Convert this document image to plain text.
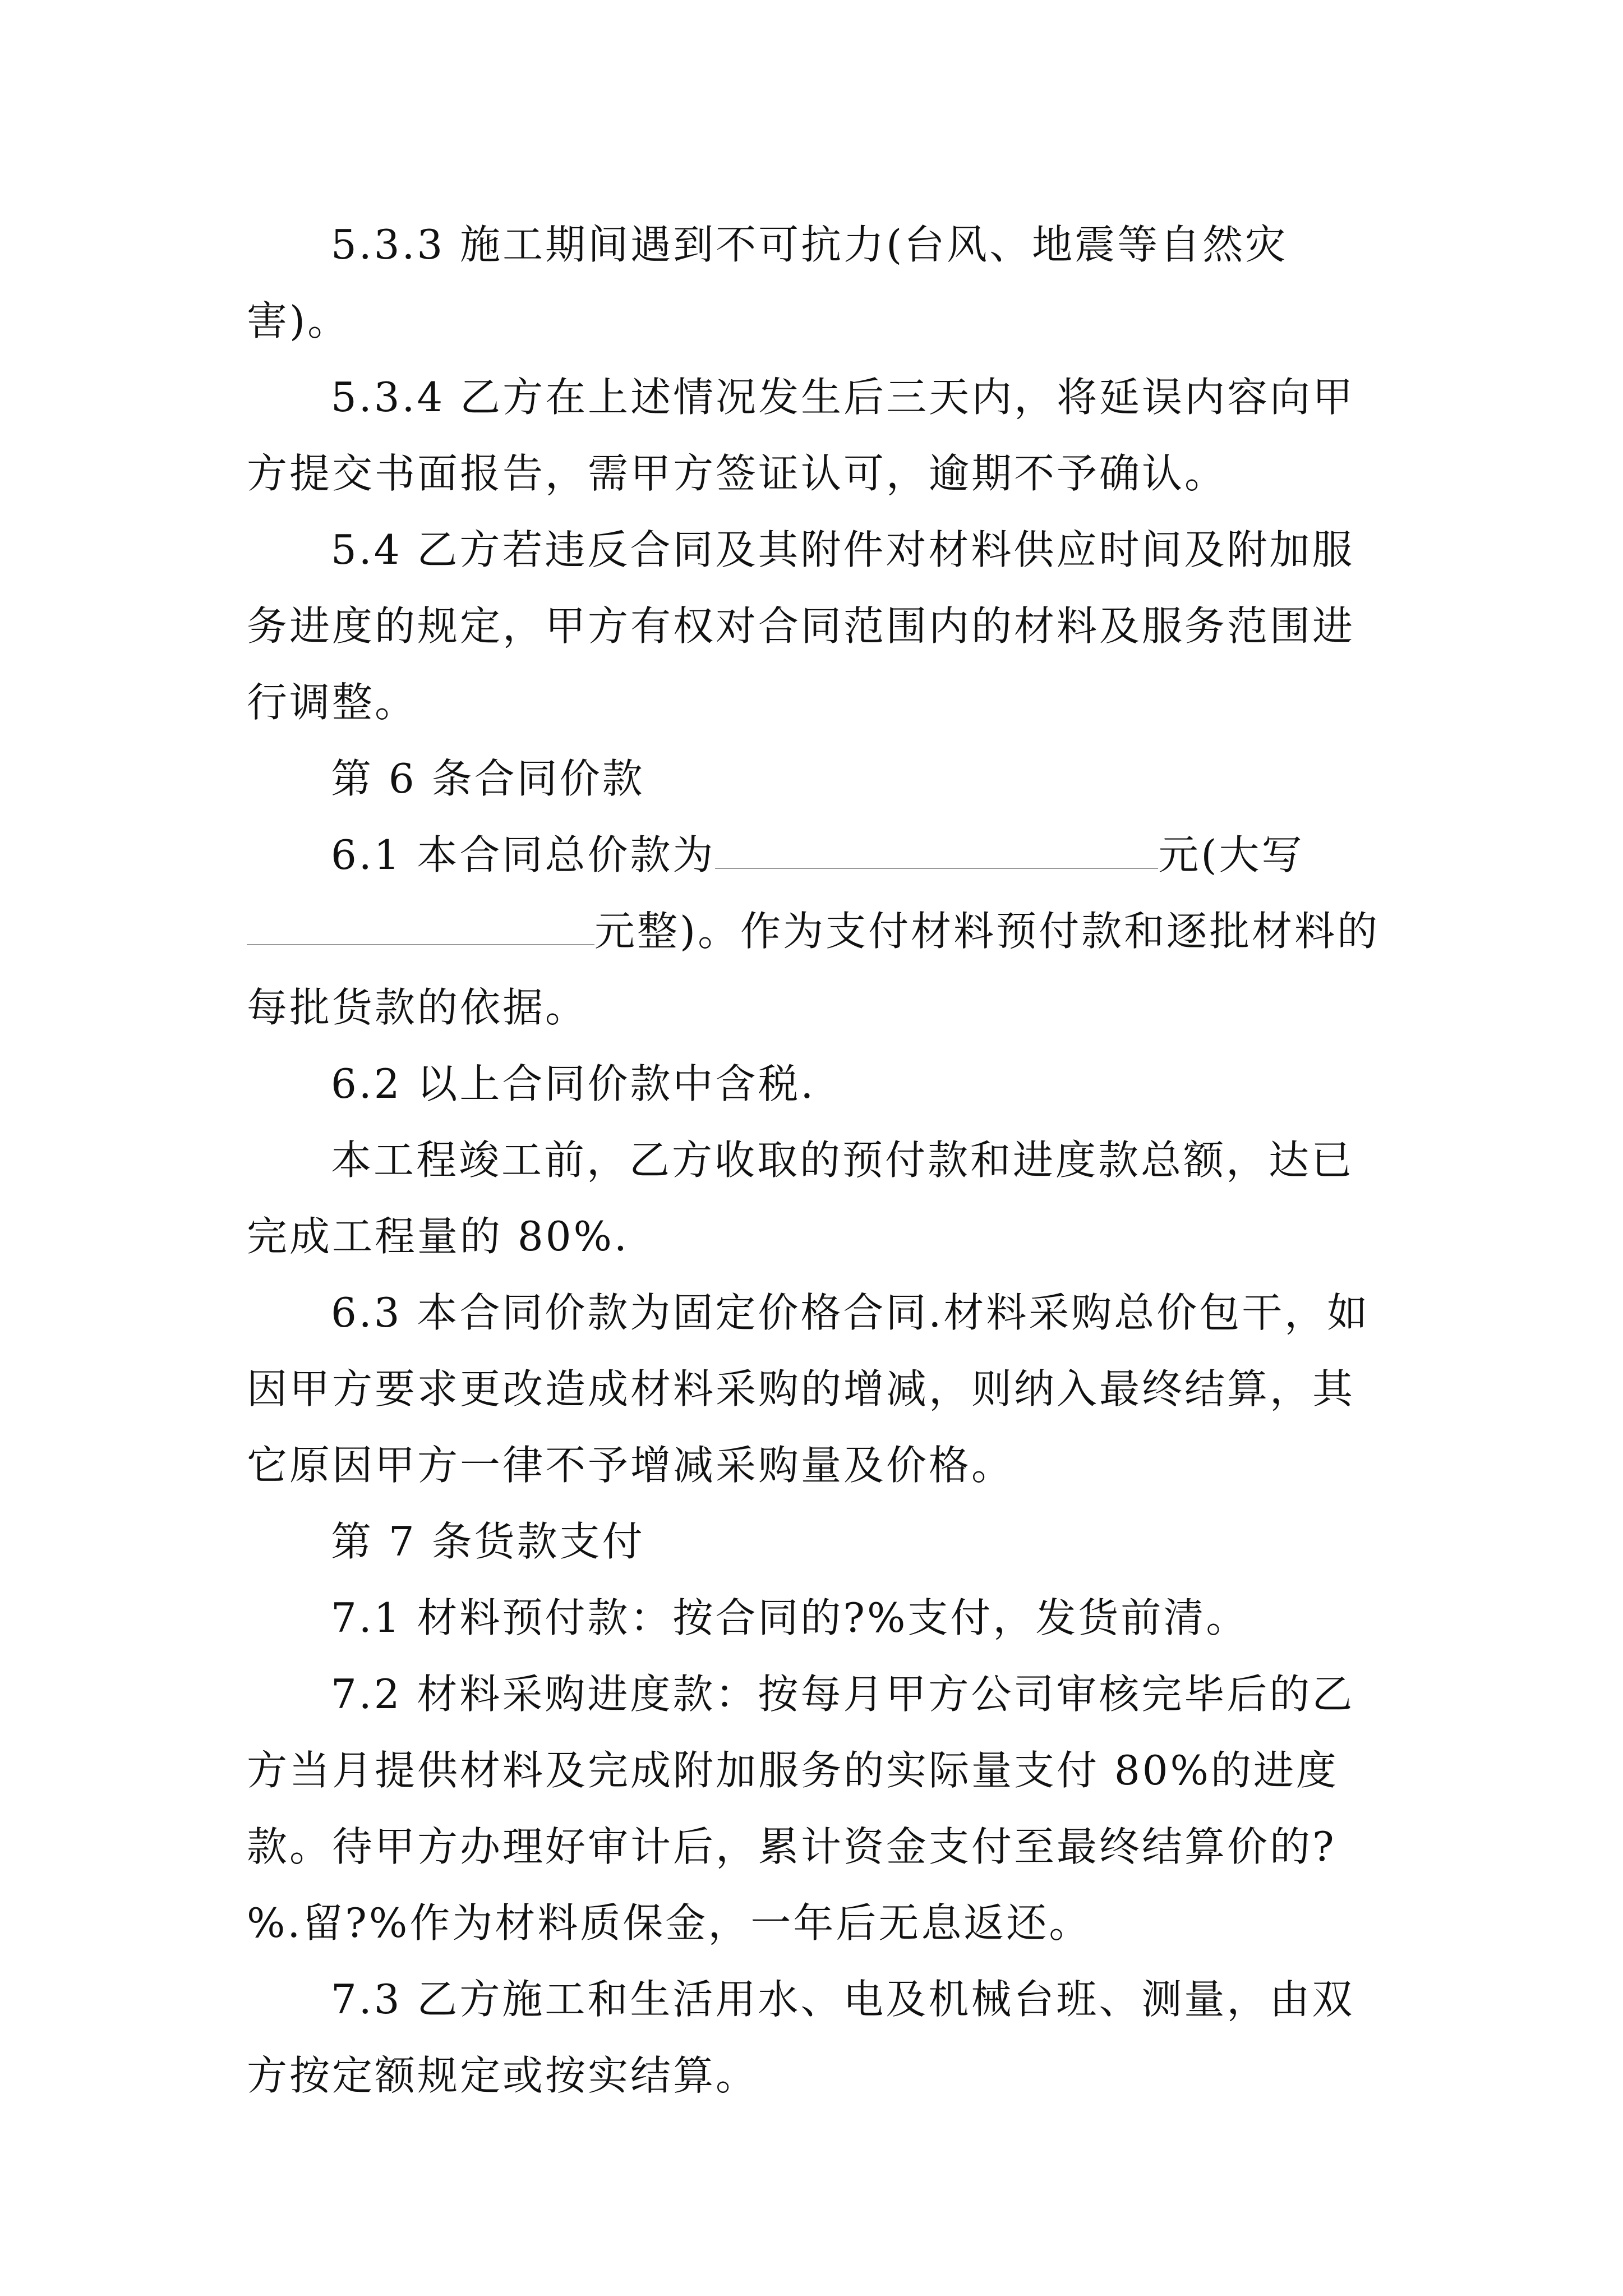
5.3.3 施工期间遇到不可抗力(台风、地震等自然灾害)。

5.3.4 乙方在上述情况发生后三天内，将延误内容向甲方提交书面报告，需甲方签证认可，逾期不予确认。

5.4 乙方若违反合同及其附件对材料供应时间及附加服务进度的规定，甲方有权对合同范围内的材料及服务范围进行调整。

第 6 条合同价款

6.1 本合同总价款为	元(大写元整)。作为支付材料预付款和逐批材料的每批货款的依据。

6.2 以上合同价款中含税.

本工程竣工前，乙方收取的预付款和进度款总额，达已完成工程量的 80%.

6.3 本合同价款为固定价格合同.材料采购总价包干，如因甲方要求更改造成材料采购的增减，则纳入最终结算，其它原因甲方一律不予增减采购量及价格。

第 7 条货款支付

7.1 材料预付款：按合同的?%支付，发货前清。

7.2 材料采购进度款：按每月甲方公司审核完毕后的乙方当月提供材料及完成附加服务的实际量支付 80%的进度款。待甲方办理好审计后，累计资金支付至最终结算价的?%.留?%作为材料质保金，一年后无息返还。

7.3 乙方施工和生活用水、电及机械台班、测量，由双方按定额规定或按实结算。
